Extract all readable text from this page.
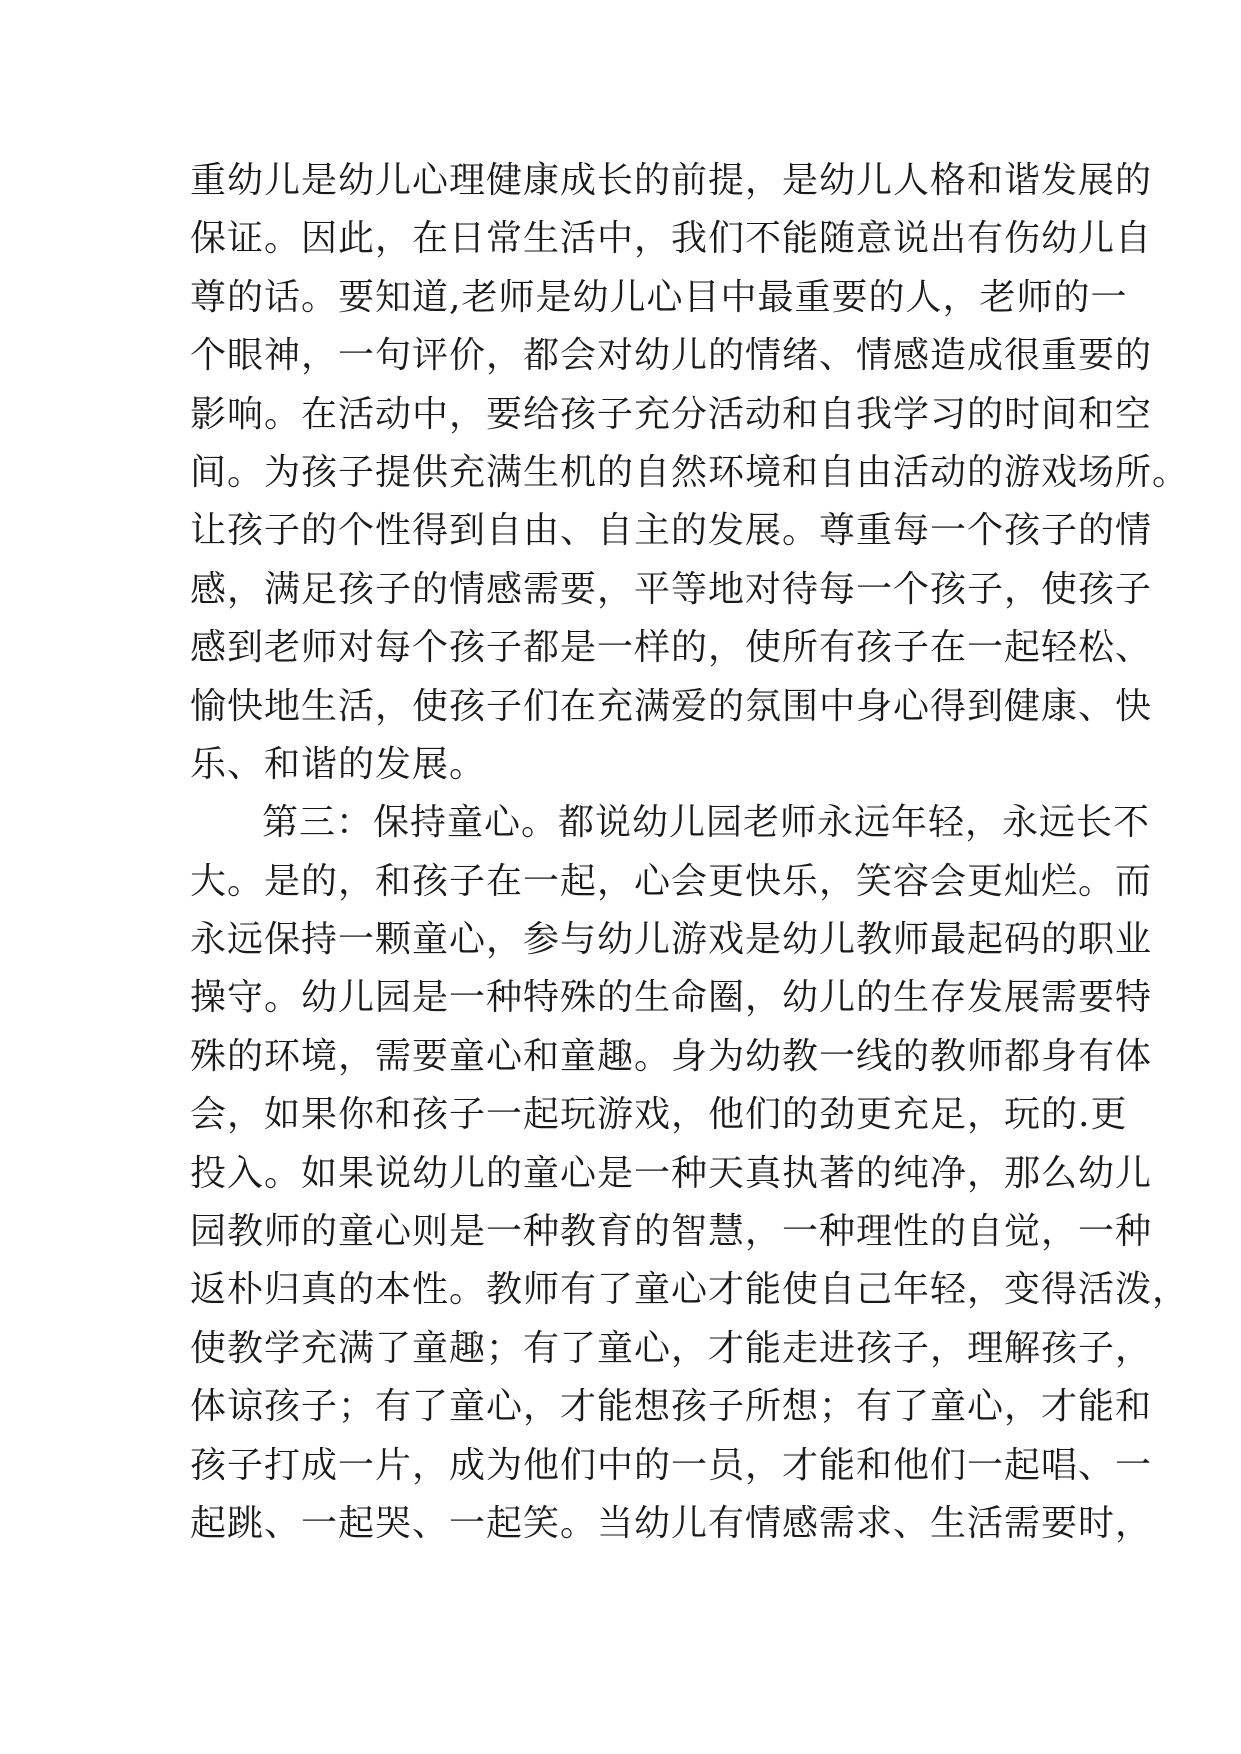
重幼儿是幼儿心理健康成长的前提，是幼儿人格和谐发展的
保证。因此，在日常生活中，我们不能随意说出有伤幼儿自
尊的话。要知道,老师是幼儿心目中最重要的人，老师的一
个眼神，一句评价，都会对幼儿的情绪、情感造成很重要的
影响。在活动中，要给孩子充分活动和自我学习的时间和空
间。为孩子提供充满生机的自然环境和自由活动的游戏场所。
让孩子的个性得到自由、自主的发展。尊重每一个孩子的情
感，满足孩子的情感需要，平等地对待每一个孩子，使孩子
感到老师对每个孩子都是一样的，使所有孩子在一起轻松、
愉快地生活，使孩子们在充满爱的氛围中身心得到健康、快
乐、和谐的发展。
第三：保持童心。都说幼儿园老师永远年轻，永远长不
大。是的，和孩子在一起，心会更快乐，笑容会更灿烂。而
永远保持一颗童心，参与幼儿游戏是幼儿教师最起码的职业
操守。幼儿园是一种特殊的生命圈，幼儿的生存发展需要特
殊的环境，需要童心和童趣。身为幼教一线的教师都身有体
会，如果你和孩子一起玩游戏，他们的劲更充足，玩的.更
投入。如果说幼儿的童心是一种天真执著的纯净，那么幼儿
园教师的童心则是一种教育的智慧，一种理性的自觉，一种
返朴归真的本性。教师有了童心才能使自己年轻，变得活泼，
使教学充满了童趣；有了童心，才能走进孩子，理解孩子，
体谅孩子；有了童心，才能想孩子所想；有了童心，才能和
孩子打成一片，成为他们中的一员，才能和他们一起唱、一
起跳、一起哭、一起笑。当幼儿有情感需求、生活需要时，
